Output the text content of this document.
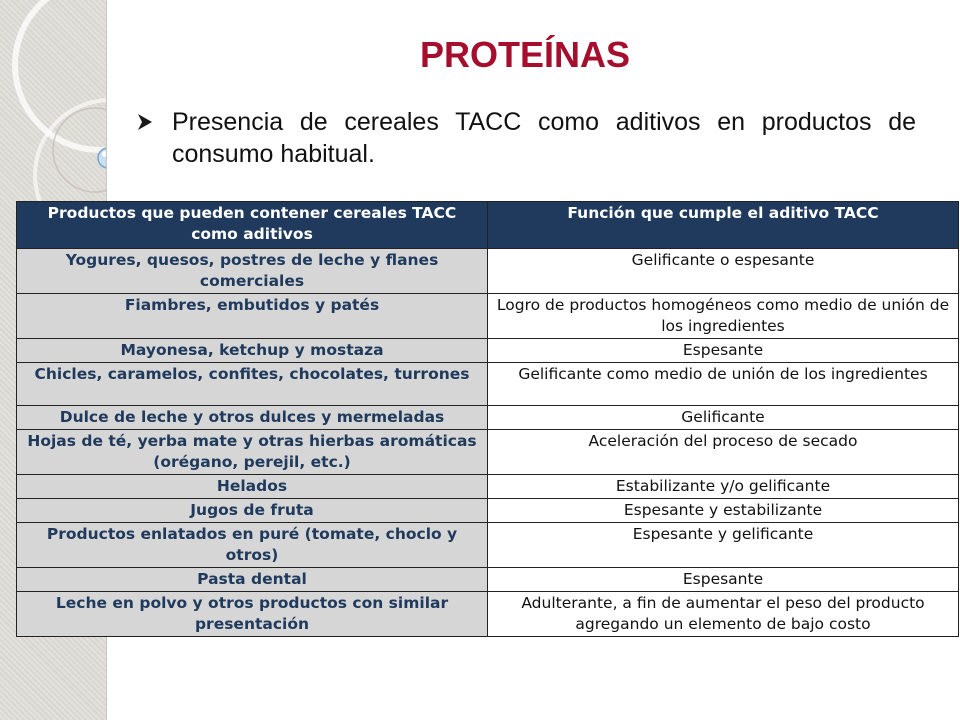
PROTEÍNAS
Presencia de cereales TACC como aditivos en productos de consumo habitual.
Productos que pueden contener cereales TACC como aditivos	Función que cumple el aditivo TACC
Yogures, quesos, postres de leche y flanes comerciales	Gelificante o espesante
Fiambres, embutidos y patés	Logro de productos homogéneos como medio de unión de los ingredientes
Mayonesa, ketchup y mostaza	Espesante
Chicles, caramelos, confites, chocolates, turrones	Gelificante como medio de unión de los ingredientes
Dulce de leche y otros dulces y mermeladas	Gelificante
Hojas de té, yerba mate y otras hierbas aromáticas (orégano, perejil, etc.)	Aceleración del proceso de secado
Helados	Estabilizante y/o gelificante
Jugos de fruta	Espesante y estabilizante
Productos enlatados en puré (tomate, choclo y otros)	Espesante y gelificante
Pasta dental	Espesante
Leche en polvo y otros productos con similar presentación	Adulterante, a fin de aumentar el peso del producto agregando un elemento de bajo costo
